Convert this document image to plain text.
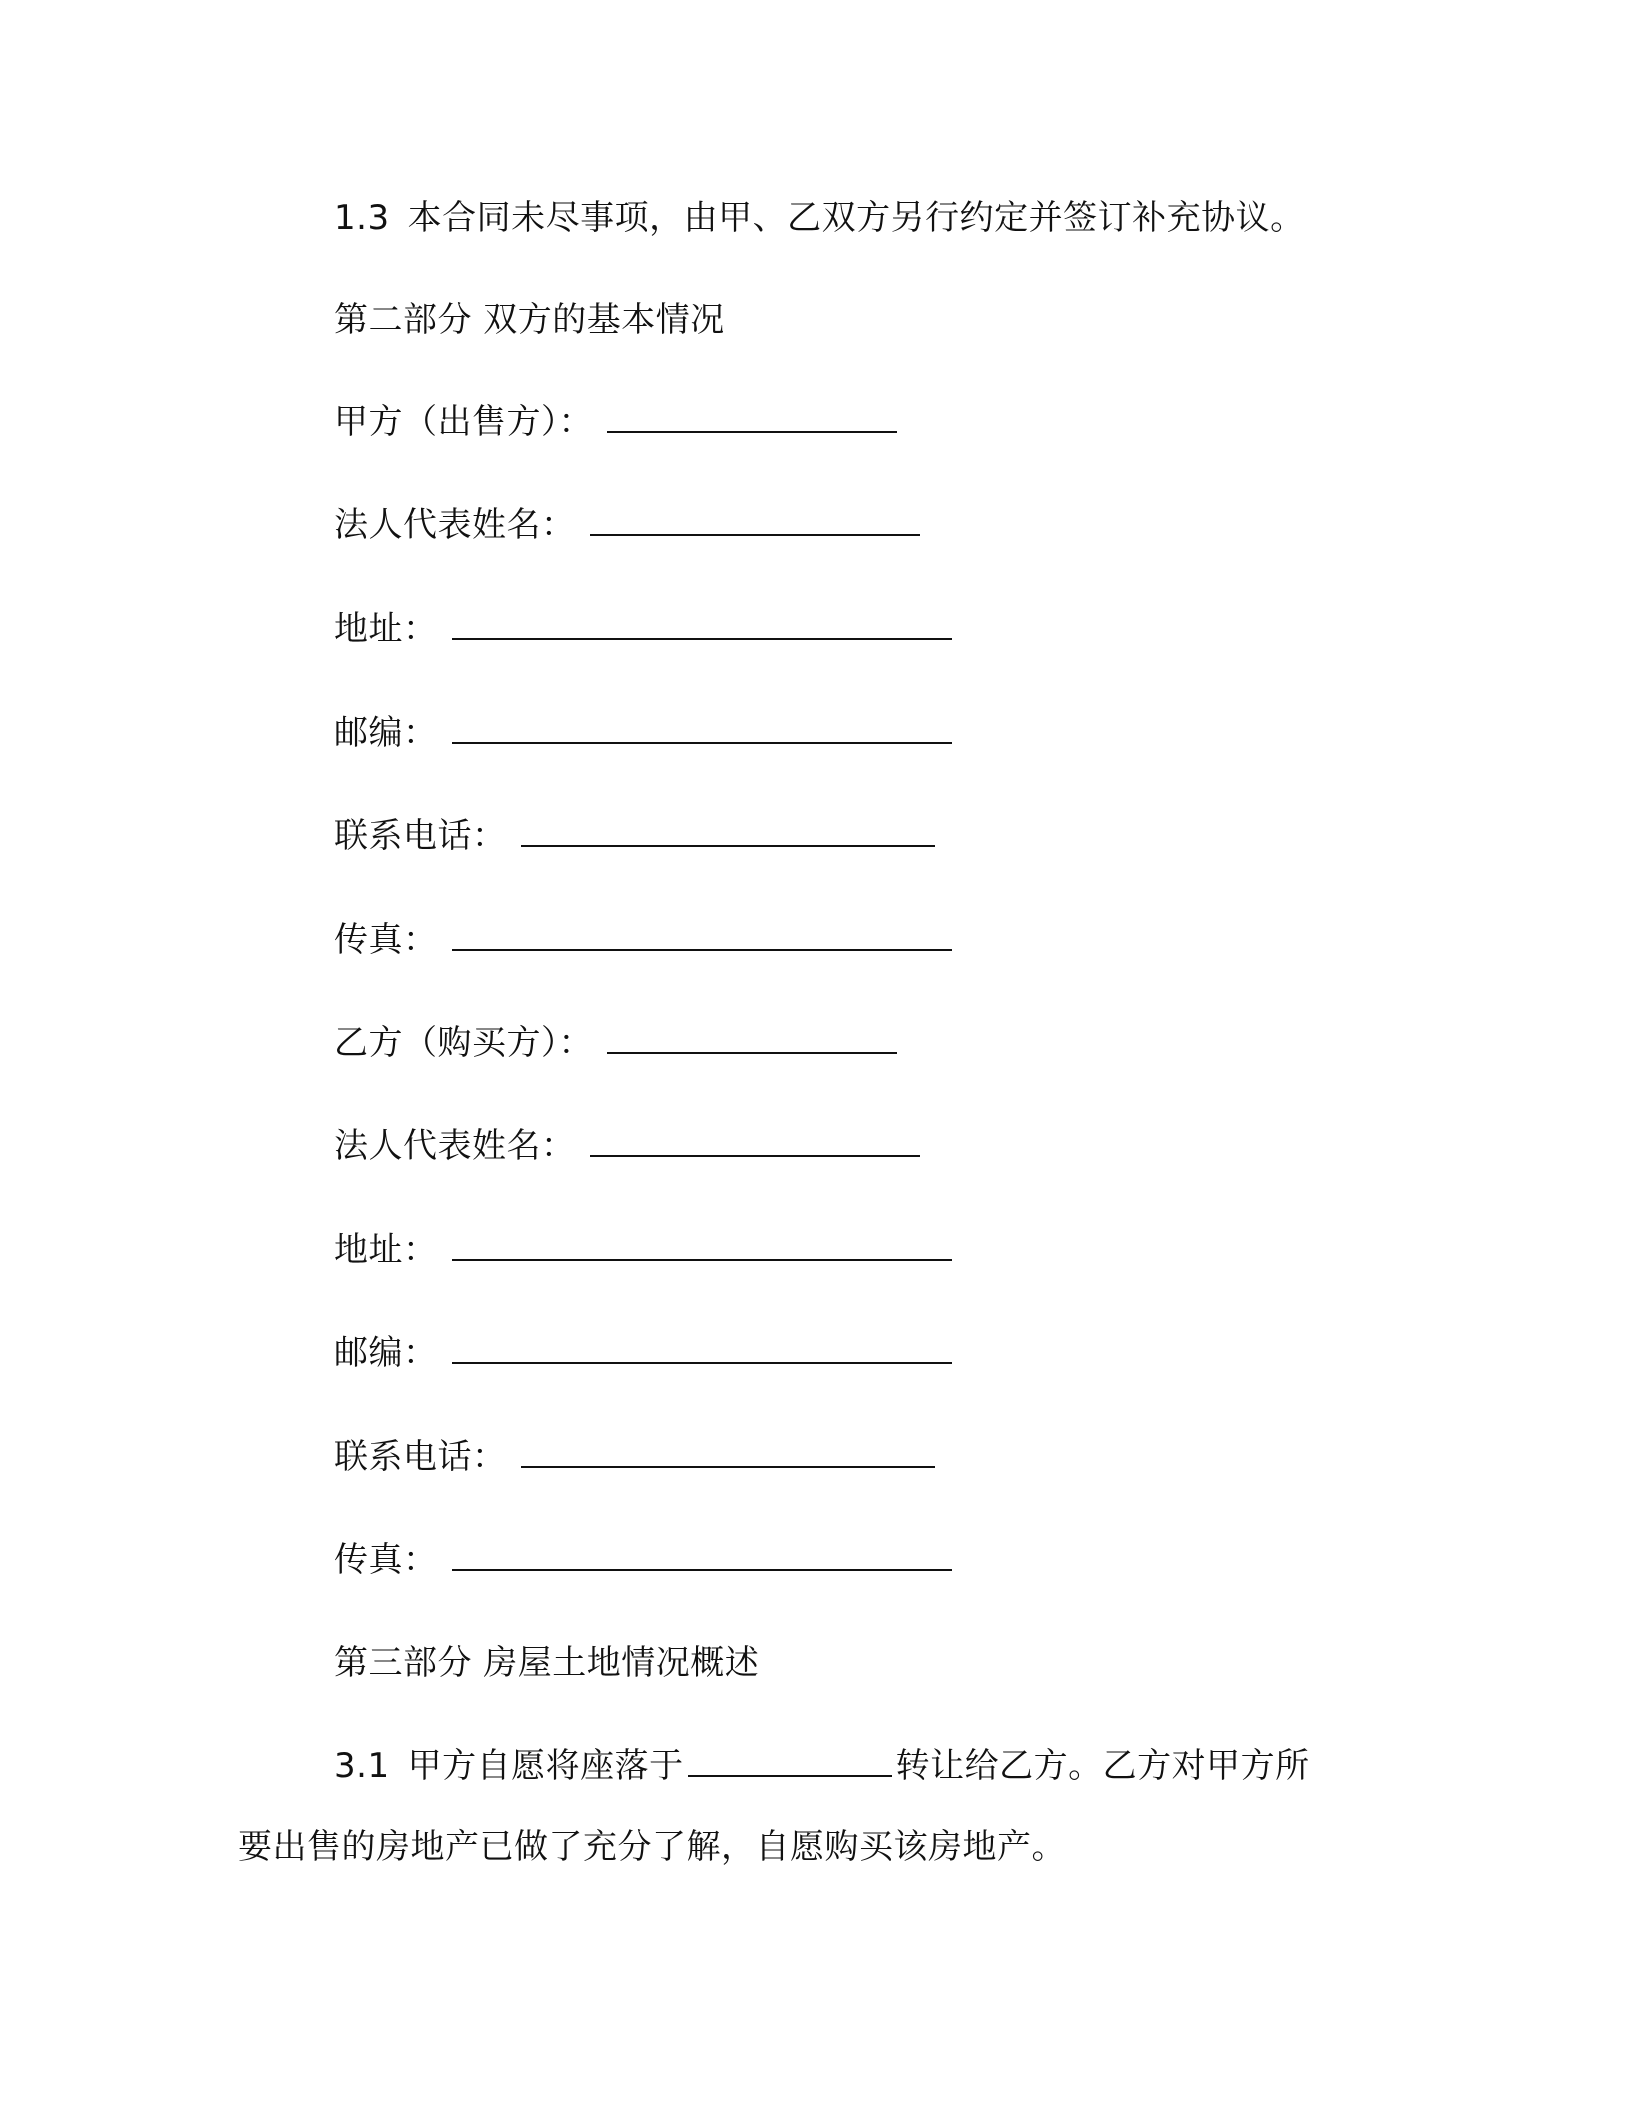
1.3 本合同未尽事项，由甲、乙双方另行约定并签订补充协议。
第二部分 双方的基本情况
甲方（出售方）：
法人代表姓名：
地址：
邮编：
联系电话：
传真：
乙方（购买方）：
法人代表姓名：
地址：
邮编：
联系电话：
传真：
第三部分 房屋土地情况概述
3.1 甲方自愿将座落于	转让给乙方。乙方对甲方所
要出售的房地产已做了充分了解，自愿购买该房地产。
